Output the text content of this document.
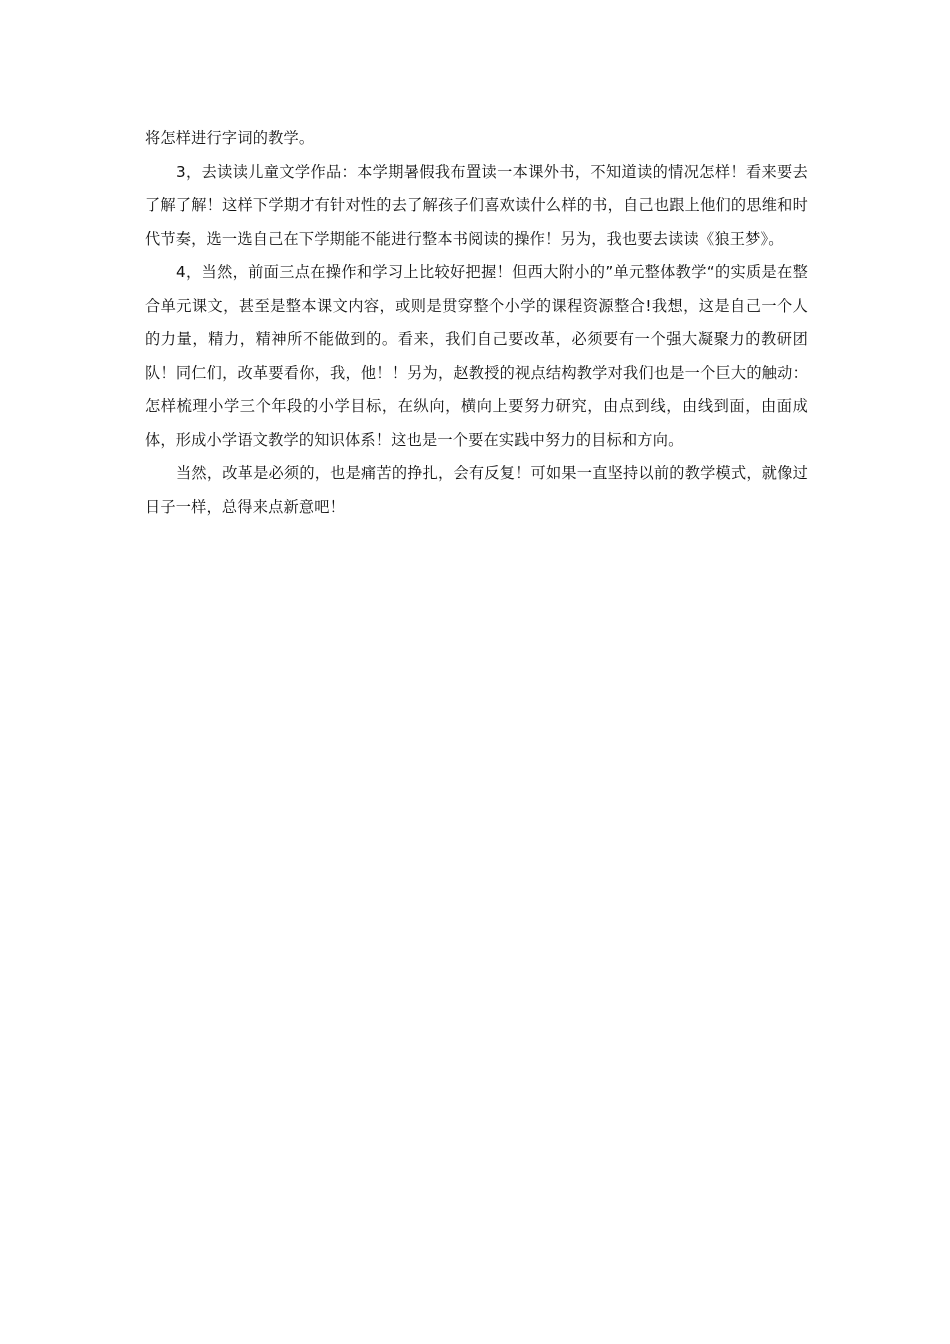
将怎样进行字词的教学。

3，去读读儿童文学作品：本学期暑假我布置读一本课外书，不知道读的情况怎样！看来要去了解了解！这样下学期才有针对性的去了解孩子们喜欢读什么样的书，自己也跟上他们的思维和时代节奏，选一选自己在下学期能不能进行整本书阅读的操作！另为，我也要去读读《狼王梦》。

4，当然，前面三点在操作和学习上比较好把握！但西大附小的”单元整体教学“的实质是在整合单元课文，甚至是整本课文内容，或则是贯穿整个小学的课程资源整合!我想，这是自己一个人的力量，精力，精神所不能做到的。看来，我们自己要改革，必须要有一个强大凝聚力的教研团队！同仁们，改革要看你，我，他！！另为，赵教授的视点结构教学对我们也是一个巨大的触动：怎样梳理小学三个年段的小学目标，在纵向，横向上要努力研究，由点到线，由线到面，由面成体，形成小学语文教学的知识体系！这也是一个要在实践中努力的目标和方向。

当然，改革是必须的，也是痛苦的挣扎，会有反复！可如果一直坚持以前的教学模式，就像过日子一样，总得来点新意吧！
